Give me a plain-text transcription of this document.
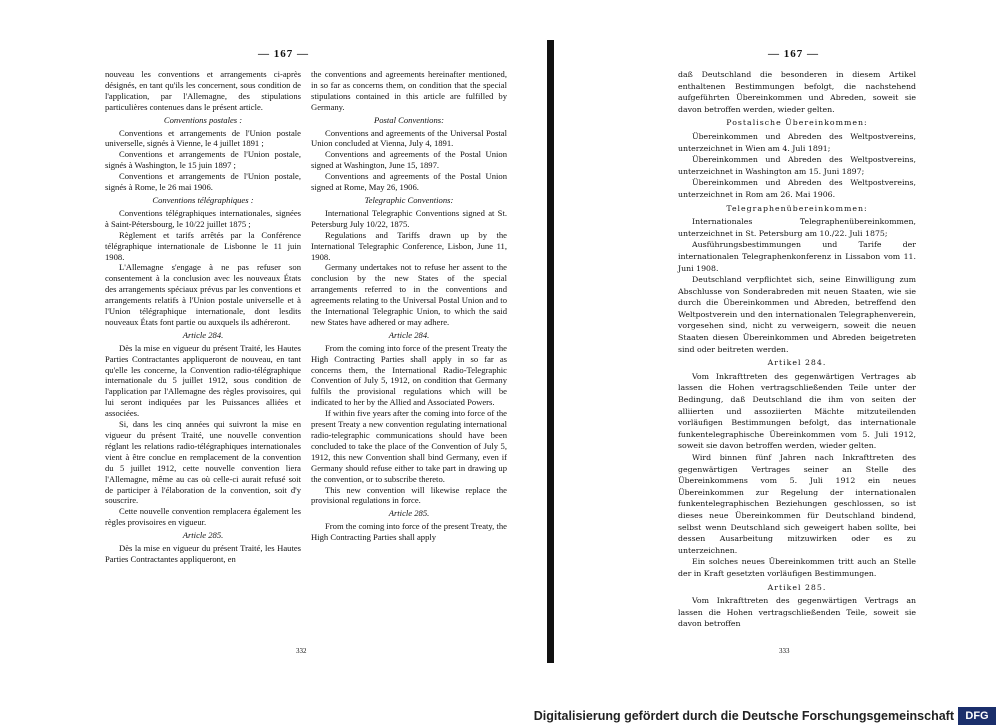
— 167 —

nouveau les conventions et arrangements ci-après désignés, en tant qu'ils les concernent, sous condition de l'application, par l'Allemagne, des stipulations particulières contenues dans le présent article.

Conventions postales :

Conventions et arrangements de l'Union postale universelle, signés à Vienne, le 4 juillet 1891 ;

Conventions et arrangements de l'Union postale, signés à Washington, le 15 juin 1897 ;

Conventions et arrangements de l'Union postale, signés à Rome, le 26 mai 1906.

Conventions télégraphiques :

Conventions télégraphiques internationales, signées à Saint-Pétersbourg, le 10/22 juillet 1875 ;

Règlement et tarifs arrêtés par la Conférence télégraphique internationale de Lisbonne le 11 juin 1908.

L'Allemagne s'engage à ne pas refuser son consentement à la conclusion avec les nouveaux États des arrangements spéciaux prévus par les conventions et arrangements relatifs à l'Union postale universelle et à l'Union télégraphique internationale, dont lesdits nouveaux États font partie ou auxquels ils adhéreront.

Article 284.

Dès la mise en vigueur du présent Traité, les Hautes Parties Contractantes appliqueront de nouveau, en tant qu'elle les concerne, la Convention radio-télégraphique internationale du 5 juillet 1912, sous condition de l'application par l'Allemagne des règles provisoires, qui lui seront indiquées par les Puissances alliées et associées.

Si, dans les cinq années qui suivront la mise en vigueur du présent Traité, une nouvelle convention réglant les relations radio-télégraphiques internationales vient à être conclue en remplacement de la convention du 5 juillet 1912, cette nouvelle convention liera l'Allemagne, même au cas où celle-ci aurait refusé soit de participer à l'élaboration de la convention, soit d'y souscrire.

Cette nouvelle convention remplacera également les règles provisoires en vigueur.

Article 285.

Dès la mise en vigueur du présent Traité, les Hautes Parties Contractantes appliqueront, en

the conventions and agreements hereinafter mentioned, in so far as concerns them, on condition that the special stipulations contained in this article are fulfilled by Germany.

Postal Conventions:

Conventions and agreements of the Universal Postal Union concluded at Vienna, July 4, 1891.

Conventions and agreements of the Postal Union signed at Washington, June 15, 1897.

Conventions and agreements of the Postal Union signed at Rome, May 26, 1906.

Telegraphic Conventions:

International Telegraphic Conventions signed at St. Petersburg July 10/22, 1875.

Regulations and Tariffs drawn up by the International Telegraphic Conference, Lisbon, June 11, 1908.

Germany undertakes not to refuse her assent to the conclusion by the new States of the special arrangements referred to in the conventions and agreements relating to the Universal Postal Union and to the International Telegraphic Union, to which the said new States have adhered or may adhere.

Article 284.

From the coming into force of the present Treaty the High Contracting Parties shall apply in so far as concerns them, the International Radio-Telegraphic Convention of July 5, 1912, on condition that Germany fulfils the provisional regulations which will be indicated to her by the Allied and Associated Powers.

If within five years after the coming into force of the present Treaty a new convention regulating international radio-telegraphic communications should have been concluded to take the place of the Convention of July 5, 1912, this new Convention shall bind Germany, even if Germany should refuse either to take part in drawing up the convention, or to subscribe thereto.

This new convention will likewise replace the provisional regulations in force.

Article 285.

From the coming into force of the present Treaty, the High Contracting Parties shall apply

332
— 167 —

daß Deutschland die besonderen in diesem Artikel enthaltenen Bestimmungen befolgt, die nachstehend aufgeführten Übereinkommen und Abreden, soweit sie davon betroffen werden, wieder gelten.

Postalische Übereinkommen:

Übereinkommen und Abreden des Weltpostvereins, unterzeichnet in Wien am 4. Juli 1891;

Übereinkommen und Abreden des Weltpostvereins, unterzeichnet in Washington am 15. Juni 1897;

Übereinkommen und Abreden des Weltpostvereins, unterzeichnet in Rom am 26. Mai 1906.

Telegraphenübereinkommen:

Internationales Telegraphenübereinkommen, unterzeichnet in St. Petersburg am 10./22. Juli 1875;

Ausführungsbestimmungen und Tarife der internationalen Telegraphenkonferenz in Lissabon vom 11. Juni 1908.

Deutschland verpflichtet sich, seine Einwilligung zum Abschlusse von Sonderabreden mit neuen Staaten, wie sie durch die Übereinkommen und Abreden, betreffend den Weltpostverein und den internationalen Telegraphenverein, vorgesehen sind, nicht zu verweigern, soweit die neuen Staaten diesen Übereinkommen und Abreden beigetreten sind oder beitreten werden.

Artikel 284.

Vom Inkrafttreten des gegenwärtigen Vertrages ab lassen die Hohen vertragschließenden Teile unter der Bedingung, daß Deutschland die ihm von seiten der alliierten und assoziierten Mächte mitzuteilenden vorläufigen Bestimmungen befolgt, das internationale funkentelegraphische Übereinkommen vom 5. Juli 1912, soweit sie davon betroffen werden, wieder gelten.

Wird binnen fünf Jahren nach Inkrafttreten des gegenwärtigen Vertrages seiner an Stelle des Übereinkommens vom 5. Juli 1912 ein neues Übereinkommen zur Regelung der internationalen funkentelegraphischen Beziehungen geschlossen, so ist dieses neue Übereinkommen für Deutschland bindend, selbst wenn Deutschland sich geweigert haben sollte, bei dessen Ausarbeitung mitzuwirken oder es zu unterzeichnen.

Ein solches neues Übereinkommen tritt auch an Stelle der in Kraft gesetzten vorläufigen Bestimmungen.

Artikel 285.

Vom Inkrafttreten des gegenwärtigen Vertrags an lassen die Hohen vertragschließenden Teile, soweit sie davon betroffen

333
Digitalisierung gefördert durch die Deutsche Forschungsgemeinschaft	DFG
